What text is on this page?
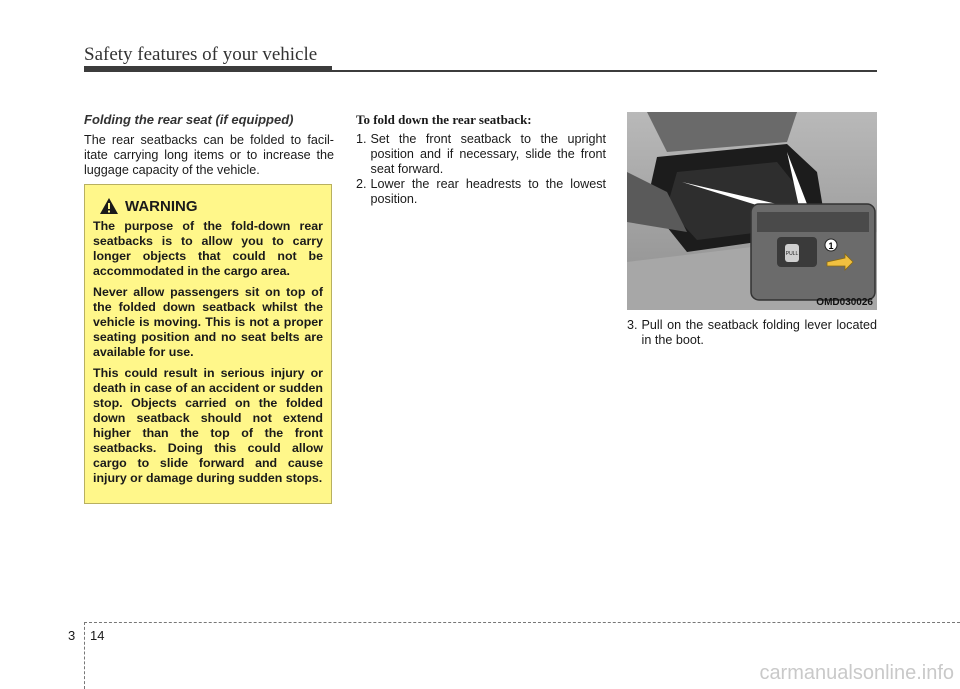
Safety features of your vehicle

Folding the rear seat (if equipped)

The rear seatbacks can be folded to facilitate carrying long items or to increase the luggage capacity of the vehicle.

WARNING

The purpose of the fold-down rear seatbacks is to allow you to carry longer objects that could not be accommodated in the cargo area.

Never allow passengers sit on top of the folded down seatback whilst the vehicle is moving. This is not a proper seating position and no seat belts are available for use.

This could result in serious injury or death in case of an accident or sudden stop. Objects carried on the folded down seatback should not extend higher than the top of the front seatbacks. Doing this could allow cargo to slide forward and cause injury or damage during sudden stops.

To fold down the rear seatback:

1. Set the front seatback to the upright position and if necessary, slide the front seat forward.
2. Lower the rear headrests to the lowest position.
PULL
1
OMD030026
3. Pull on the seatback folding lever located in the boot.
3 14
carmanualsonline.info
